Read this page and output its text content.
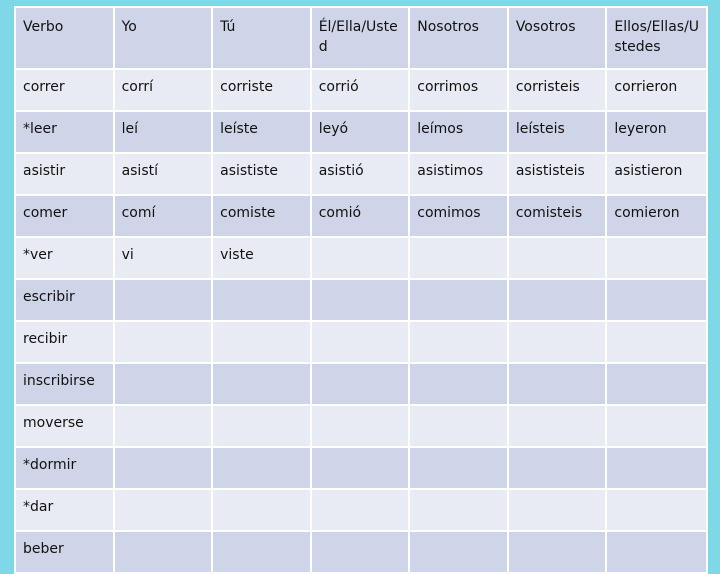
Verbo	Yo	Tú	Él/Ella/Usted	Nosotros	Vosotros	Ellos/Ellas/Ustedes
correr	corrí	corriste	corrió	corrimos	corristeis	corrieron
*leer	leí	leíste	leyó	leímos	leísteis	leyeron
asistir	asistí	asististe	asistió	asistimos	asististeis	asistieron
comer	comí	comiste	comió	comimos	comisteis	comieron
*ver	vi	viste				
escribir						
recibir						
inscribirse						
moverse						
*dormir						
*dar						
beber						
